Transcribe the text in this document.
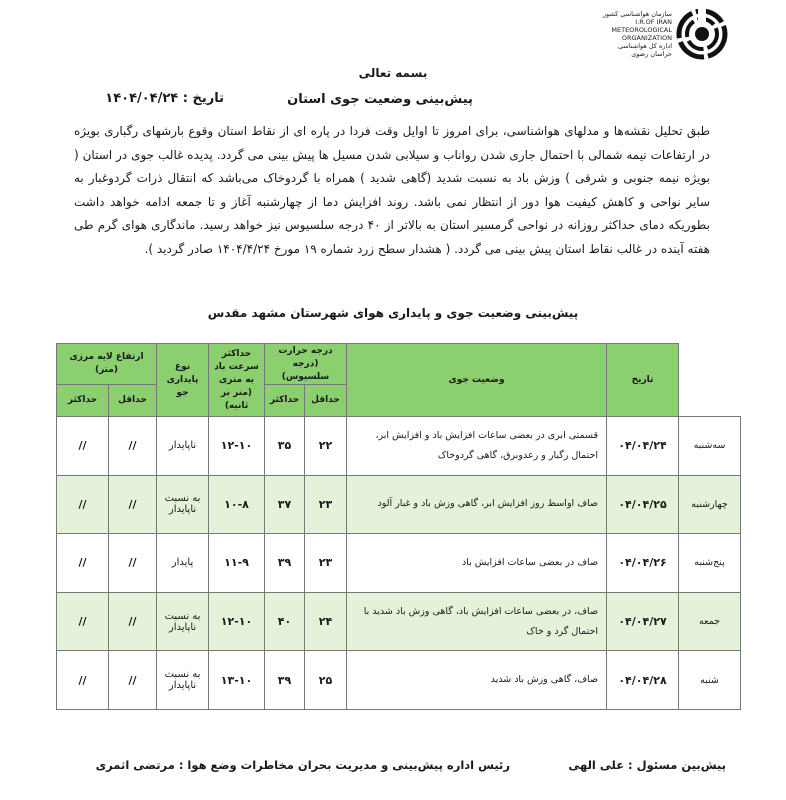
سازمان هواشناسی کشور
I.R.OF IRAN
METEOROLOGICAL
ORGANIZATION
اداره کل هواشناسی خراسان رضوی
بسمه تعالی
پیش‌بینی وضعیت جوی استان
تاریخ : ۱۴۰۴/۰۴/۲۴
طبق تحلیل نقشه‌ها و مدلهای هواشناسی، برای امروز تا اوایل وقت فردا در پاره ای از نقاط استان وقوع بارشهای رگباری بویژه در ارتفاعات نیمه شمالی با احتمال جاری شدن رواناب و سیلابی شدن مسیل ها پیش بینی می گردد. پدیده غالب جوی در استان ( بویژه نیمه جنوبی و شرقی ) وزش باد به نسبت شدید (گاهی شدید ) همراه با گردوخاک می‌باشد که انتقال ذرات گردوغبار به سایر نواحی و کاهش کیفیت هوا دور از انتظار نمی باشد. روند افزایش دما از چهارشنبه آغاز و تا جمعه ادامه خواهد داشت بطوریکه دمای حداکثر روزانه در نواحی گرمسیر استان به بالاتر از ۴۰ درجه سلسیوس نیز خواهد رسید. ماندگاری هوای گرم طی هفته آینده در غالب نقاط استان پیش بینی می گردد. ( هشدار سطح زرد شماره ۱۹ مورخ ۱۴۰۴/۴/۲۴ صادر گردید ).
پیش‌بینی وضعیت جوی و پایداری هوای شهرستان مشهد مقدس
	تاریخ	وضعیت جوی	درجه حرارت (درجه سلسیوس)		حداکثر سرعت باد به متری (متر بر ثانیه)	نوع پایداری جو	ارتفاع لایه مرزی (متر)	
			حداقل	حداکثر			حداقل	حداکثر
سه‌شنبه	۰۴/۰۴/۲۴	قسمتی ابری در بعضی ساعات افزایش باد و افزایش ابر، احتمال رگبار و رعدوبرق، گاهی گردوخاک	۲۲	۳۵	۱۲-۱۰	ناپایدار	//	//
چهارشنبه	۰۴/۰۴/۲۵	صاف اواسط روز افزایش ابر، گاهی وزش باد و غبار آلود	۲۳	۳۷	۱۰-۸	به نسبت ناپایدار	//	//
پنج‌شنبه	۰۴/۰۴/۲۶	صاف در بعضی ساعات افزایش باد	۲۳	۳۹	۱۱-۹	پایدار	//	//
جمعه	۰۴/۰۴/۲۷	صاف، در بعضی ساعات افزایش باد، گاهی وزش باد شدید با احتمال گرد و خاک	۲۴	۴۰	۱۲-۱۰	به نسبت ناپایدار	//	//
شنبه	۰۴/۰۴/۲۸	صاف، گاهی وزش باد شدید	۲۵	۳۹	۱۳-۱۰	به نسبت ناپایدار	//	//
رئیس اداره پیش‌بینی و مدیریت بحران مخاطرات وضع هوا : مرتضی اثمری	پیش‌بین مسئول : علی الهی
